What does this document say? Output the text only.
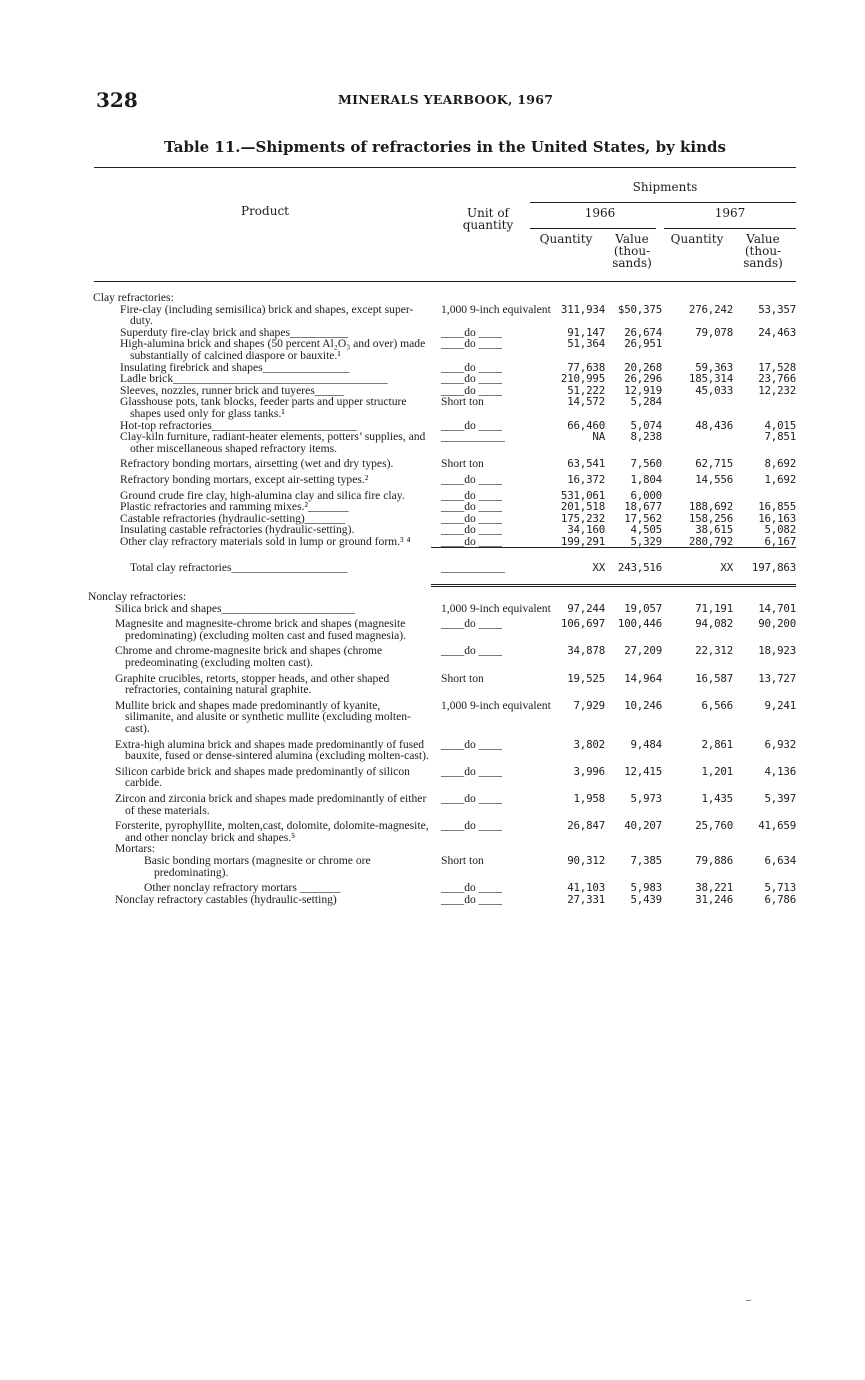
328	MINERALS YEARBOOK, 1967
Table 11.—Shipments of refractories in the United States, by kinds
Product	Unit of
quantity
Shipments
1966	1967
Quantity	Value
(thou-
sands)
Quantity	Value
(thou-
sands)
Clay refractories:					
Fire-clay (including semisilica) brick and shapes, except super-duty.	1,000 9-inch equivalent	311,934	$50,375	276,242	53,357
Superduty fire-clay brick and shapes__________	____do ____	91,147	26,674	79,078	24,463
High-alumina brick and shapes (50 percent Al₂O₃ and over) made substantially of calcined diaspore or bauxite.¹	____do ____	51,364	26,951		
Insulating firebrick and shapes_______________	____do ____	77,638	20,268	59,363	17,528
Ladle brick_____________________________________	____do ____	210,995	26,296	185,314	23,766
Sleeves, nozzles, runner brick and tuyeres_____	____do ____	51,222	12,919	45,033	12,232
Glasshouse pots, tank blocks, feeder parts and upper structure shapes used only for glass tanks.¹	Short ton	14,572	5,284		
Hot-top refractories_________________________	____do ____	66,460	5,074	48,436	4,015
Clay-kiln furniture, radiant-heater elements, potters’ supplies, and other miscellaneous shaped refractory items.	___________	NA	8,238		7,851
Refractory bonding mortars, airsetting (wet and dry types).	Short ton	63,541	7,560	62,715	8,692
Refractory bonding mortars, except air-setting types.²	____do ____	16,372	1,804	14,556	1,692
Ground crude fire clay, high-alumina clay and silica fire clay.	____do ____	531,061	6,000		
Plastic refractories and ramming mixes.²_______	____do ____	201,518	18,677	188,692	16,855
Castable refractories (hydraulic-setting)_______	____do ____	175,232	17,562	158,256	16,163
Insulating castable refractories (hydraulic-setting).	____do ____	34,160	4,505	38,615	5,082
Other clay refractory materials sold in lump or ground form.³ ⁴	____do ____	199,291	5,329	280,792	6,167
Total clay refractories____________________	___________	XX	243,516	XX	197,863
Nonclay refractories:					
Silica brick and shapes_______________________	1,000 9-inch equivalent	97,244	19,057	71,191	14,701
Magnesite and magnesite-chrome brick and shapes (magnesite predominating) (excluding molten cast and fused magnesia).	____do ____	106,697	100,446	94,082	90,200
Chrome and chrome-magnesite brick and shapes (chrome predeominating (excluding molten cast).	____do ____	34,878	27,209	22,312	18,923
Graphite crucibles, retorts, stopper heads, and other shaped refractories, containing natural graphite.	Short ton	19,525	14,964	16,587	13,727
Mullite brick and shapes made predominantly of kyanite, silimanite, and alusite or synthetic mullite (excluding molten-cast).	1,000 9-inch equivalent	7,929	10,246	6,566	9,241
Extra-high alumina brick and shapes made predominantly of fused bauxite, fused or dense-sintered alumina (excluding molten-cast).	____do ____	3,802	9,484	2,861	6,932
Silicon carbide brick and shapes made predominantly of silicon carbide.	____do ____	3,996	12,415	1,201	4,136
Zircon and zirconia brick and shapes made predominantly of either of these materials.	____do ____	1,958	5,973	1,435	5,397
Forsterite, pyrophyllite, molten,cast, dolomite, dolomite-magnesite, and other nonclay brick and shapes.⁵	____do ____	26,847	40,207	25,760	41,659
Mortars:					
Basic bonding mortars (magnesite or chrome ore predominating).	Short ton	90,312	7,385	79,886	6,634
Other nonclay refractory mortars _______	____do ____	41,103	5,983	38,221	5,713
Nonclay refractory castables (hydraulic-setting)	____do ____	27,331	5,439	31,246	6,786
